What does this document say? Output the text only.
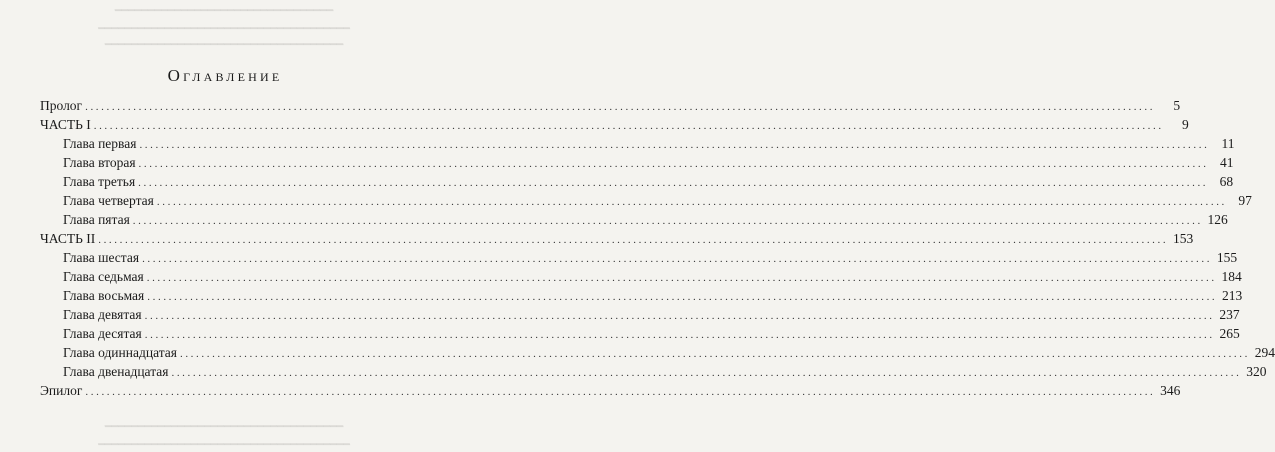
━━━━━━━━━━━━━━━━━━━━━━━━━━━━━━━━━
━━━━━━━━━━━━━━━━━━━━━━━━━━━━━━━━━━━━━━
━━━━━━━━━━━━━━━━━━━━━━━━━━━━━━━━━━━━
━━━━━━━━━━━━━━━━━━━━━━━━━━━━━━━━━━━━
━━━━━━━━━━━━━━━━━━━━━━━━━━━━━━━━━━━━━━
Оглавление
Пролог ........................................................................................................................................................................................................	5
ЧАСТЬ I ........................................................................................................................................................................................................	9
Глава первая ........................................................................................................................................................................................................ 11
Глава вторая ........................................................................................................................................................................................................ 41
Глава третья ........................................................................................................................................................................................................ 68
Глава четвертая ........................................................................................................................................................................................................ 97
Глава пятая ........................................................................................................................................................................................................ 126
ЧАСТЬ II ........................................................................................................................................................................................................ 153
Глава шестая ........................................................................................................................................................................................................ 155
Глава седьмая ........................................................................................................................................................................................................ 184
Глава восьмая ........................................................................................................................................................................................................ 213
Глава девятая ........................................................................................................................................................................................................ 237
Глава десятая ........................................................................................................................................................................................................ 265
Глава одиннадцатая ........................................................................................................................................................................................................ 294
Глава двенадцатая ........................................................................................................................................................................................................ 320
Эпилог ........................................................................................................................................................................................................ 346
